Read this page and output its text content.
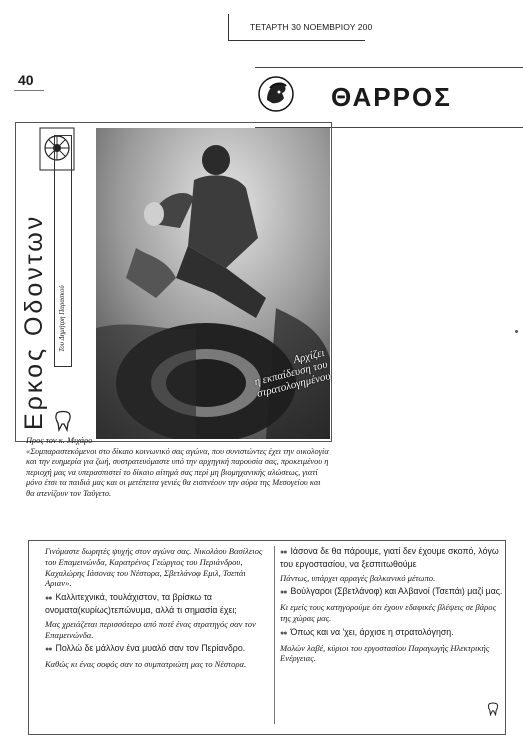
ΤΕΤΑΡΤΗ 30 ΝΟΕΜΒΡΙΟΥ 200
40
ΘΑΡΡΟΣ
Του Δημήτρη Παρασκού
Ερκος Οδοντων	Αρχίζει
η εκπαίδευση του
στρατολογημένου
Προς τον κ. Μιχάρο
«Συμπαραστεκόμενοι στο δίκαιο κοινωνικό σας αγώνα, που συνιστώντες έχει την οικολογία και την ευημερία για ζωή, συστρατευόμαστε υπό την αρχηγική παρουσία σας, προκειμένου η περιοχή μας να υπερασπιστεί το δίκαιο αίτημά σας περί μη βιομηχανικής αλώσεως, γιατί μόνο έτσι τα παιδιά μας και οι μετέπειτα γενιές θα εισπνέουν την αύρα της Μεσογείου και θα ατενίζουν τον Ταΰγετο.

Γινόμαστε δωρητές ψυχής στον αγώνα σας. Νικολάου Βασίλειος του Επαμεινώνδα, Καρατρένος Γεώργιος του Περιάνδρου, Καχαλώρης Ιάσονας του Νέστορα, Σβετλάνοφ Εμιλ, Τσεπάι Αριαν».

●● Καλλιτεχνικά, τουλάχιστον, τα βρίσκω τα ονοματα(κυρίως)τεπώνυμα, αλλά τι σημασία έχει;

Μας χρειάζεται περισσότερο από ποτέ ένας στρατηγός σαν τον Επαμεινώνδα.

●● Πολλώ δε μάλλον ένα μυαλό σαν τον Περίανδρο.

Καθώς κι ένας σοφός σαν το συμπατριώτη μας το Νέστορα.

●● Ιάσονα δε θα πάρουμε, γιατί δεν έχουμε σκοπό, λόγω του εργοστασίου, να ξεσπιτωθούμε

Πάντως, υπάρχει αρραγές βαλκανικό μέτωπο.

●● Βούλγαροι (Σβετλάνοφ) και Αλβανοί (Τσεπάι) μαζί μας.

Κι εμείς τους κατηγορούμε ότι έχουν εδαφικές βλέψεις σε βάρος της χώρας μας.

●● Όπως και να 'χει, άρχισε η στρατολόγηση.

Μολών λαβέ, κύριοι του εργοστασίου Παραγωγής Ηλεκτρικής Ενέργειας.
